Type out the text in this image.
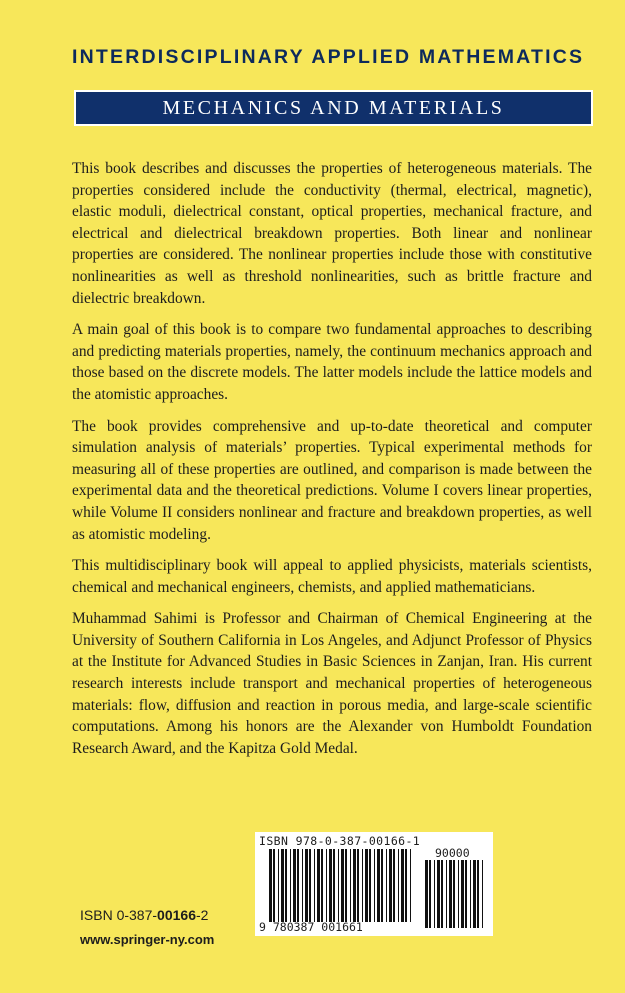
INTERDISCIPLINARY APPLIED MATHEMATICS
MECHANICS AND MATERIALS

This book describes and discusses the properties of heterogeneous materials. The properties considered include the conductivity (thermal, electrical, magnetic), elastic moduli, dielectrical constant, optical properties, mechanical fracture, and electrical and dielectrical breakdown properties. Both linear and nonlinear properties are considered. The nonlinear properties include those with constitutive nonlinearities as well as threshold nonlinearities, such as brittle fracture and dielectric breakdown.

A main goal of this book is to compare two fundamental approaches to describing and predicting materials properties, namely, the continuum mechanics approach and those based on the discrete models. The latter models include the lattice models and the atomistic approaches.

The book provides comprehensive and up-to-date theoretical and computer simulation analysis of materials’ properties. Typical experimental methods for measuring all of these properties are outlined, and comparison is made between the experimental data and the theoretical predictions. Volume I covers linear properties, while Volume II considers nonlinear and fracture and breakdown properties, as well as atomistic modeling.

This multidisciplinary book will appeal to applied physicists, materials scientists, chemical and mechanical engineers, chemists, and applied mathematicians.

Muhammad Sahimi is Professor and Chairman of Chemical Engineering at the University of Southern California in Los Angeles, and Adjunct Professor of Physics at the Institute for Advanced Studies in Basic Sciences in Zanjan, Iran. His current research interests include transport and mechanical properties of heterogeneous materials: flow, diffusion and reaction in porous media, and large-scale scientific computations. Among his honors are the Alexander von Humboldt Foundation Research Award, and the Kapitza Gold Medal.

ISBN 978-0-387-00166-1
90000
9 780387 001661
ISBN 0-387-00166-2
www.springer-ny.com
